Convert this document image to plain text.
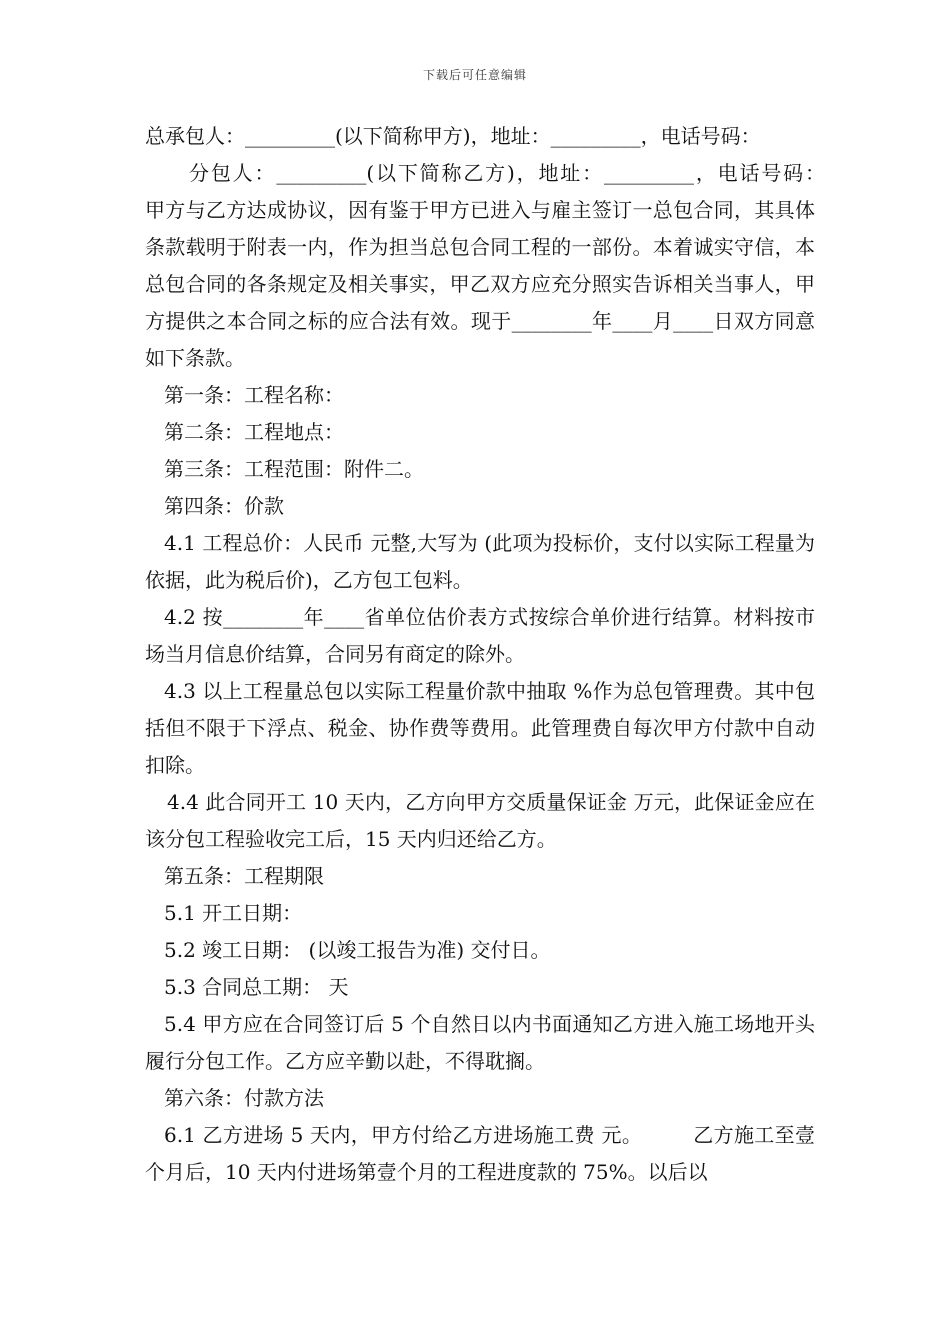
下载后可任意编辑

总承包人：_________(以下简称甲方)，地址：_________，电话号码：

分包人：_________(以下简称乙方)，地址：_________，电话号码：　　甲方与乙方达成协议，因有鉴于甲方已进入与雇主签订一总包合同，其具体条款载明于附表一内，作为担当总包合同工程的一部份。本着诚实守信，本总包合同的各条规定及相关事实，甲乙双方应充分照实告诉相关当事人，甲方提供之本合同之标的应合法有效。现于________年____月____日双方同意如下条款。

第一条：工程名称：

第二条：工程地点：

第三条：工程范围：附件二。

第四条：价款

4.1 工程总价：人民币 元整,大写为 (此项为投标价，支付以实际工程量为依据，此为税后价)，乙方包工包料。

4.2 按________年____省单位估价表方式按综合单价进行结算。材料按市场当月信息价结算，合同另有商定的除外。

4.3 以上工程量总包以实际工程量价款中抽取 %作为总包管理费。其中包括但不限于下浮点、税金、协作费等费用。此管理费自每次甲方付款中自动扣除。

4.4 此合同开工 10 天内，乙方向甲方交质量保证金 万元，此保证金应在该分包工程验收完工后，15 天内归还给乙方。

第五条：工程期限

5.1 开工日期：

5.2 竣工日期： (以竣工报告为准) 交付日。

5.3 合同总工期： 天

5.4 甲方应在合同签订后 5 个自然日以内书面通知乙方进入施工场地开头履行分包工作。乙方应辛勤以赴，不得耽搁。

第六条：付款方法

6.1 乙方进场 5 天内，甲方付给乙方进场施工费 元。　　　乙方施工至壹个月后，10 天内付进场第壹个月的工程进度款的 75%。以后以
